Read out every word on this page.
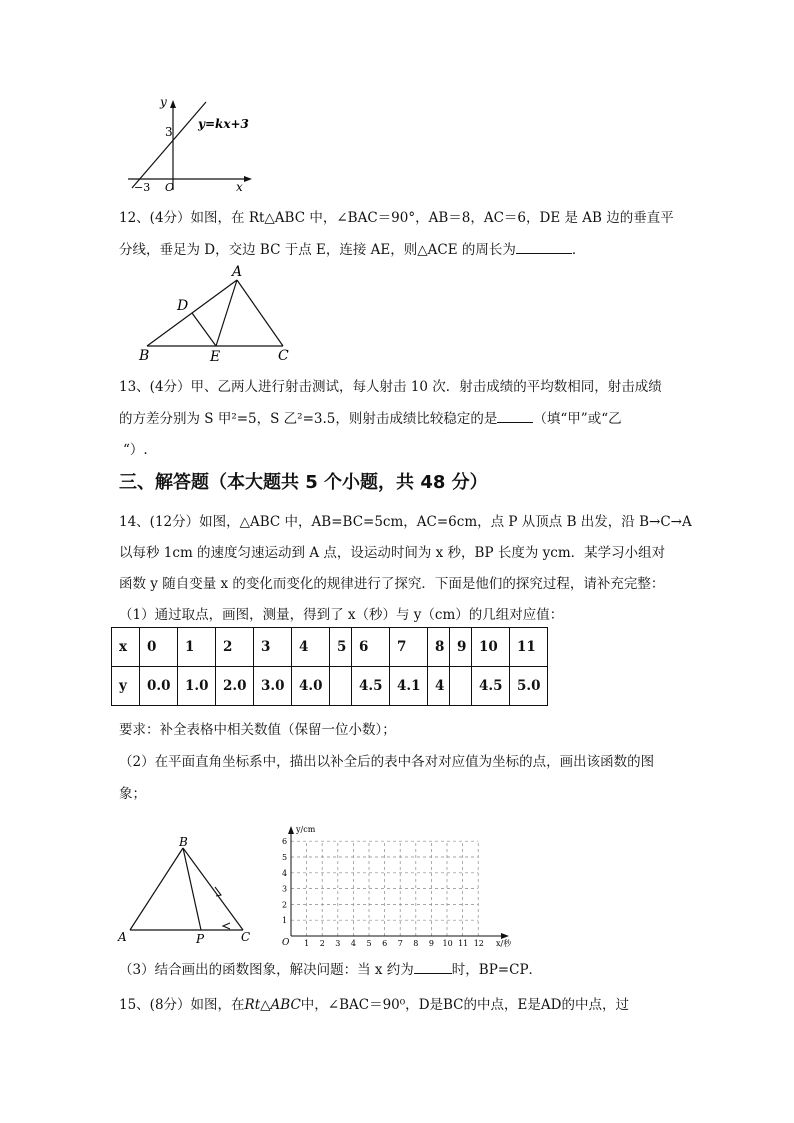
y
x
3
−3 O
y=kx+3
12、(4分）如图，在 Rt△ABC 中，∠BAC＝90°，AB＝8，AC＝6，DE 是 AB 边的垂直平
分线，垂足为 D，交边 BC 于点 E，连接 AE，则△ACE 的周长为	．
A
B	C
D
E
13、(4分）甲、乙两人进行射击测试，每人射击 10 次．射击成绩的平均数相同，射击成绩
的方差分别为 S 甲²=5，S 乙²=3.5，则射击成绩比较稳定的是	（填“甲”或“乙
“）.
三、解答题（本大题共 5 个小题，共 48 分）
14、(12分）如图，△ABC 中，AB=BC=5cm，AC=6cm，点 P 从顶点 B 出发，沿 B→C→A
以每秒 1cm 的速度匀速运动到 A 点，设运动时间为 x 秒，BP 长度为 ycm．某学习小组对
函数 y 随自变量 x 的变化而变化的规律进行了探究．下面是他们的探究过程，请补充完整：
（1）通过取点，画图，测量，得到了 x（秒）与 y（cm）的几组对应值：
x	0	1	2	3	4	5	6	7	8	9	10	11
y	0.0	1.0	2.0	3.0	4.0		4.5	4.1	4		4.5	5.0
要求：补全表格中相关数值（保留一位小数）；
（2）在平面直角坐标系中，描出以补全后的表中各对对应值为坐标的点，画出该函数的图
象；
B
A	C
P
y/cm
x/秒
O
1
2
3
4
5
6
1 2 3 4 5 6 7 8 9 10 11 12
（3）结合画出的函数图象，解决问题：当 x 约为	时，BP=CP．
15、(8分）如图，在Rt△ABC中，∠BAC＝90⁰，D是BC的中点，E是AD的中点，过
